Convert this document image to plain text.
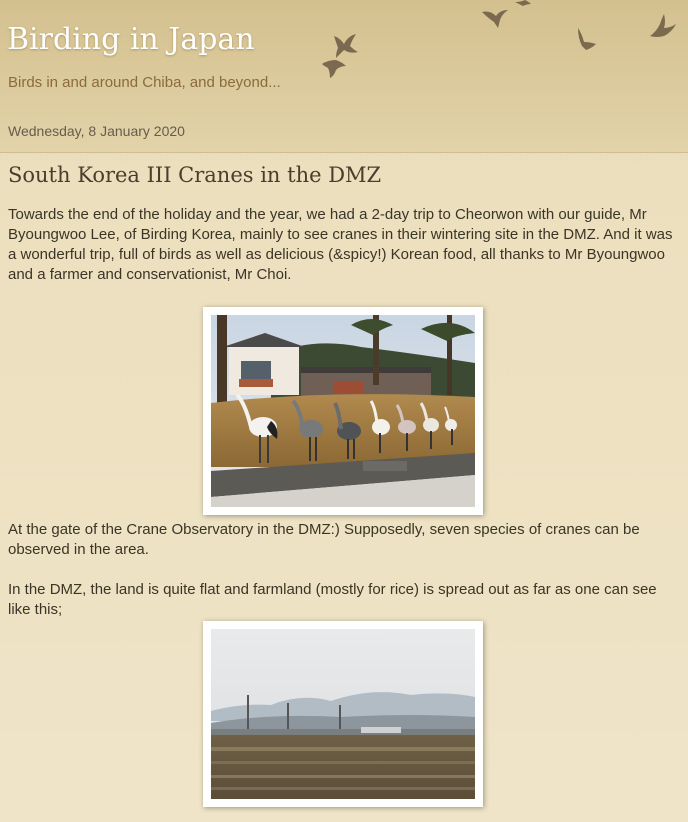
Birding in Japan
Birds in and around Chiba, and beyond...
Wednesday, 8 January 2020
South Korea III Cranes in the DMZ

Towards the end of the holiday and the year, we had a 2-day trip to Cheorwon with our guide, Mr Byoungwoo Lee, of Birding Korea, mainly to see cranes in their wintering site in the DMZ. And it was a wonderful trip, full of birds as well as delicious (&spicy!) Korean food, all thanks to Mr Byoungwoo and a farmer and conservationist, Mr Choi.

At the gate of the Crane Observatory in the DMZ:) Supposedly, seven species of cranes can be observed in the area.

In the DMZ, the land is quite flat and farmland (mostly for rice) is spread out as far as one can see like this;
